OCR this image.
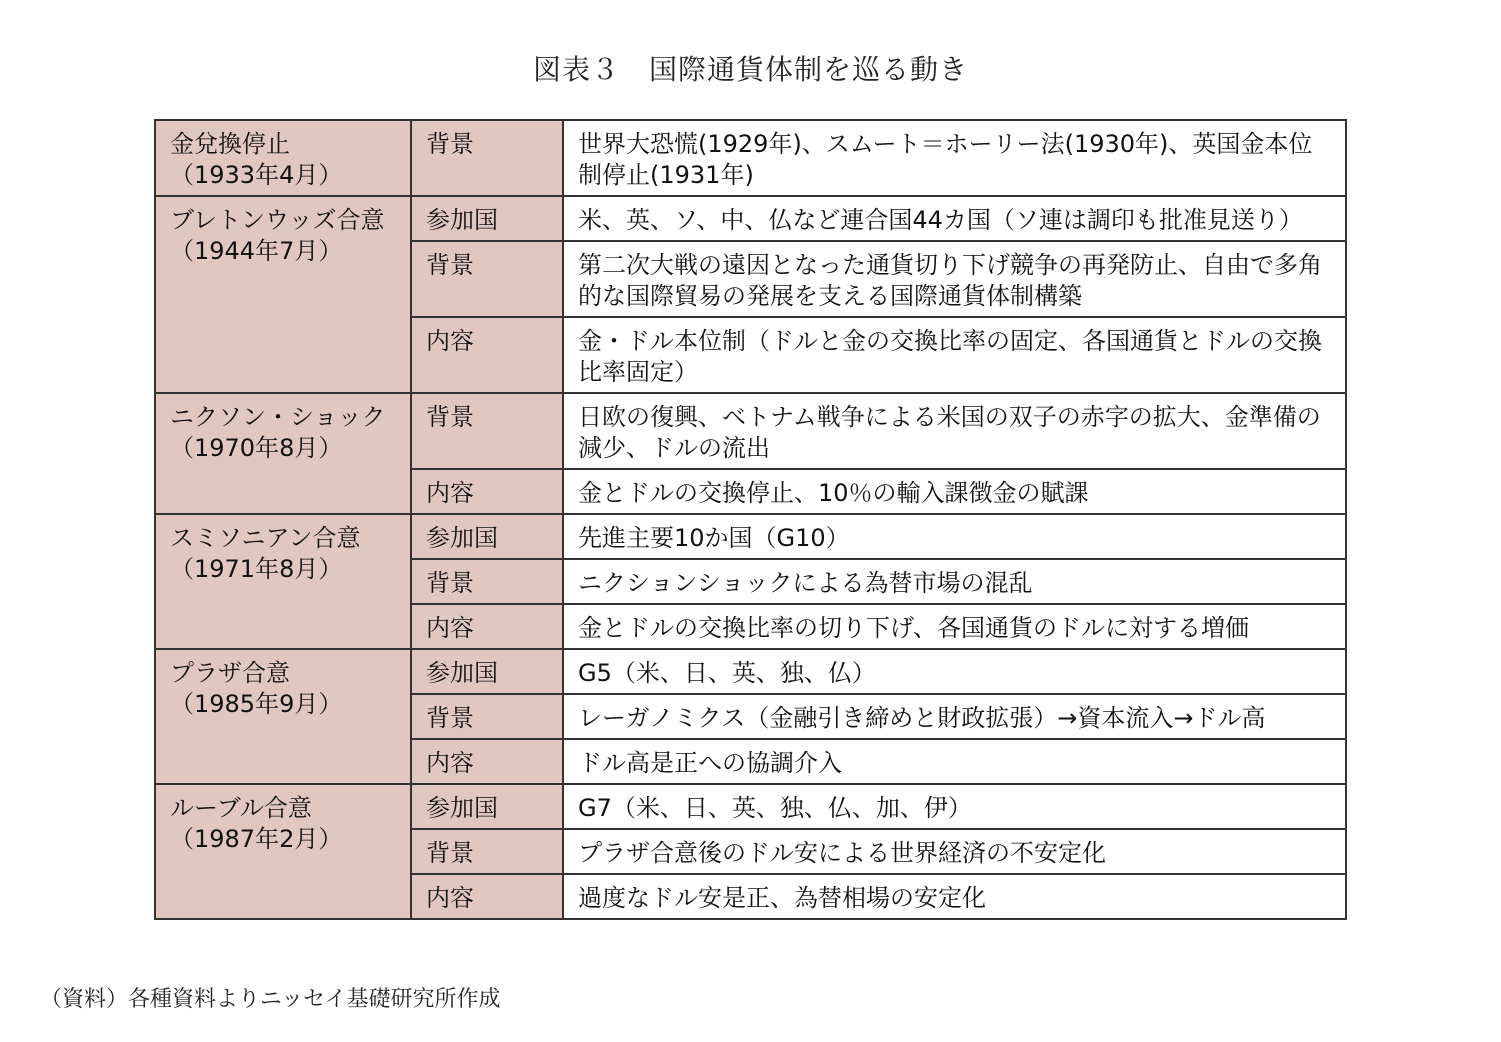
図表３　国際通貨体制を巡る動き
金兌換停止
（1933年4月）	背景	世界大恐慌(1929年)、スムート＝ホーリー法(1930年)、英国金本位制停止(1931年)

ブレトンウッズ合意
（1944年7月）	参加国	米、英、ソ、中、仏など連合国44カ国（ソ連は調印も批准見送り）
	背景	第二次大戦の遠因となった通貨切り下げ競争の再発防止、自由で多角的な国際貿易の発展を支える国際通貨体制構築
	内容	金・ドル本位制（ドルと金の交換比率の固定、各国通貨とドルの交換比率固定）

ニクソン・ショック
（1970年8月）	背景	日欧の復興、ベトナム戦争による米国の双子の赤字の拡大、金準備の減少、ドルの流出
	内容	金とドルの交換停止、10％の輸入課徴金の賦課

スミソニアン合意
（1971年8月）	参加国	先進主要10か国（G10）
	背景	ニクションショックによる為替市場の混乱
	内容	金とドルの交換比率の切り下げ、各国通貨のドルに対する増価

プラザ合意
（1985年9月）	参加国	G5（米、日、英、独、仏）
	背景	レーガノミクス（金融引き締めと財政拡張）→資本流入→ドル高
	内容	ドル高是正への協調介入

ルーブル合意
（1987年2月）	参加国	G7（米、日、英、独、仏、加、伊）
	背景	プラザ合意後のドル安による世界経済の不安定化
	内容	過度なドル安是正、為替相場の安定化
（資料）各種資料よりニッセイ基礎研究所作成
